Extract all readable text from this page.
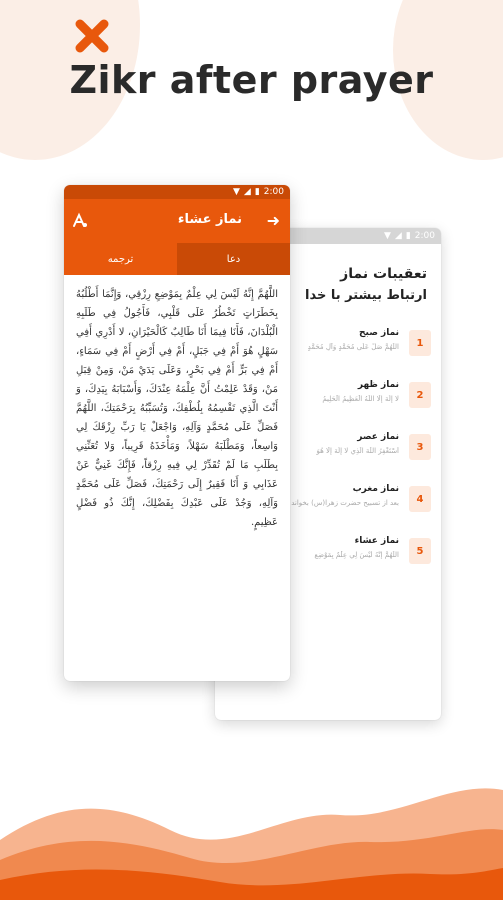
Zikr after prayer
▼ ◢ ▮ 2:00
تعقیبات نماز
ارتباط بیشتر با خدا
1
نماز صبح
اللَّهُمَّ صَلِّ عَلَى مُحَمَّدٍ وَآلِ مُحَمَّدٍ
2
نماز ظهر
لا إِلَهَ إِلَّا اللَّهُ الْعَظِيمُ الْحَلِيمُ
3
نماز عصر
أَسْتَغْفِرُ اللَّهَ الَّذِي لا إِلَهَ إِلَّا هُوَ
4
نماز مغرب
بعد از تسبیح حضرت زهرا(س) بخواند
5
نماز عشاء
اللَّهُمَّ إِنَّهُ لَيْسَ لِي عِلْمٌ بِمَوْضِعِ
▼ ◢ ▮ 2:00
نماز عشاء ➜
ترجمه	دعا
اللَّهُمَّ إِنَّهُ لَيْسَ لِي عِلْمٌ بِمَوْضِعِ رِزْقِي، وَإِنَّمَا أَطْلُبُهُ بِخَطَرَاتٍ تَخْطُرُ عَلَى قَلْبِي، فَأَجُولُ فِي طَلَبِهِ الْبُلْدَانَ، فَأَنَا فِيمَا أَنَا طَالِبٌ كَالْحَيْرَانِ، لا أَدْرِي أَفِي سَهْلٍ هُوَ أَمْ فِي جَبَلٍ، أَمْ فِي أَرْضٍ أَمْ فِي سَمَاءٍ، أَمْ فِي بَرٍّ أَمْ فِي بَحْرٍ، وَعَلَى يَدَيْ مَنْ، وَمِنْ قِبَلِ مَنْ، وَقَدْ عَلِمْتُ أَنَّ عِلْمَهُ عِنْدَكَ، وَأَسْبَابَهُ بِيَدِكَ، وَ أَنْتَ الَّذِي تَقْسِمُهُ بِلُطْفِكَ، وَتُسَبِّبُهُ بِرَحْمَتِكَ، اللَّهُمَّ فَصَلِّ عَلَى مُحَمَّدٍ وَآلِهِ، وَاجْعَلْ يَا رَبِّ رِزْقَكَ لِي وَاسِعاً، وَمَطْلَبَهُ سَهْلاً، وَمَأْخَذَهُ قَرِيباً، وَلا تُعَنِّنِي بِطَلَبِ مَا لَمْ تُقَدِّرْ لِي فِيهِ رِزْقاً، فَإِنَّكَ غَنِيٌّ عَنْ عَذَابِي وَ أَنَا فَقِيرٌ إِلَى رَحْمَتِكَ، فَصَلِّ عَلَى مُحَمَّدٍ وَآلِهِ، وَجُدْ عَلَى عَبْدِكَ بِفَضْلِكَ، إِنَّكَ ذُو فَضْلٍ عَظِيمٍ.
